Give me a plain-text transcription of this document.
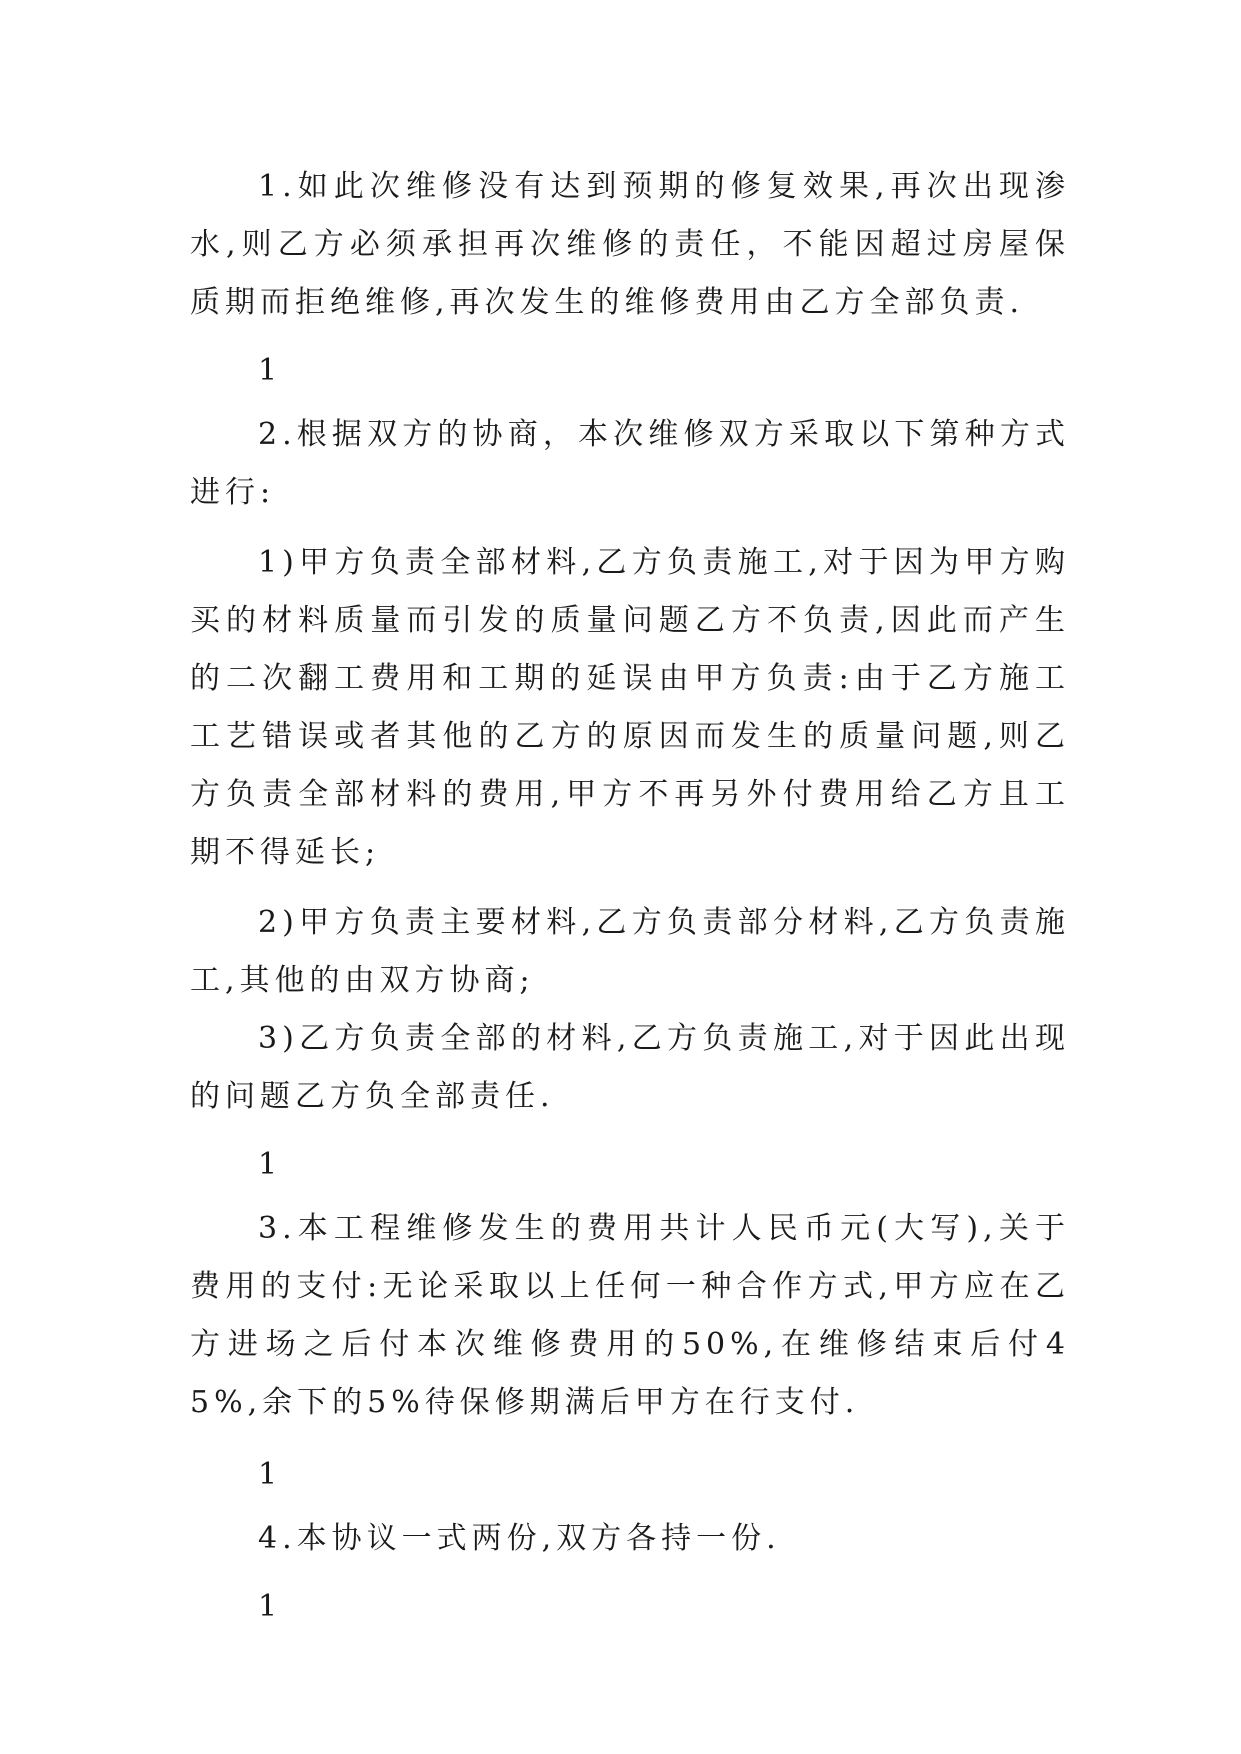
1.如此次维修没有达到预期的修复效果,再次出现渗水,则乙方必须承担再次维修的责任，不能因超过房屋保质期而拒绝维修,再次发生的维修费用由乙方全部负责.

1

2.根据双方的协商，本次维修双方采取以下第种方式进行:

1)甲方负责全部材料,乙方负责施工,对于因为甲方购买的材料质量而引发的质量问题乙方不负责,因此而产生的二次翻工费用和工期的延误由甲方负责:由于乙方施工工艺错误或者其他的乙方的原因而发生的质量问题,则乙方负责全部材料的费用,甲方不再另外付费用给乙方且工期不得延长;

2)甲方负责主要材料,乙方负责部分材料,乙方负责施工,其他的由双方协商;

3)乙方负责全部的材料,乙方负责施工,对于因此出现的问题乙方负全部责任.

1

3.本工程维修发生的费用共计人民币元(大写),关于费用的支付:无论采取以上任何一种合作方式,甲方应在乙方进场之后付本次维修费用的50%,在维修结束后付45%,余下的5%待保修期满后甲方在行支付.

1

4.本协议一式两份,双方各持一份.

1
